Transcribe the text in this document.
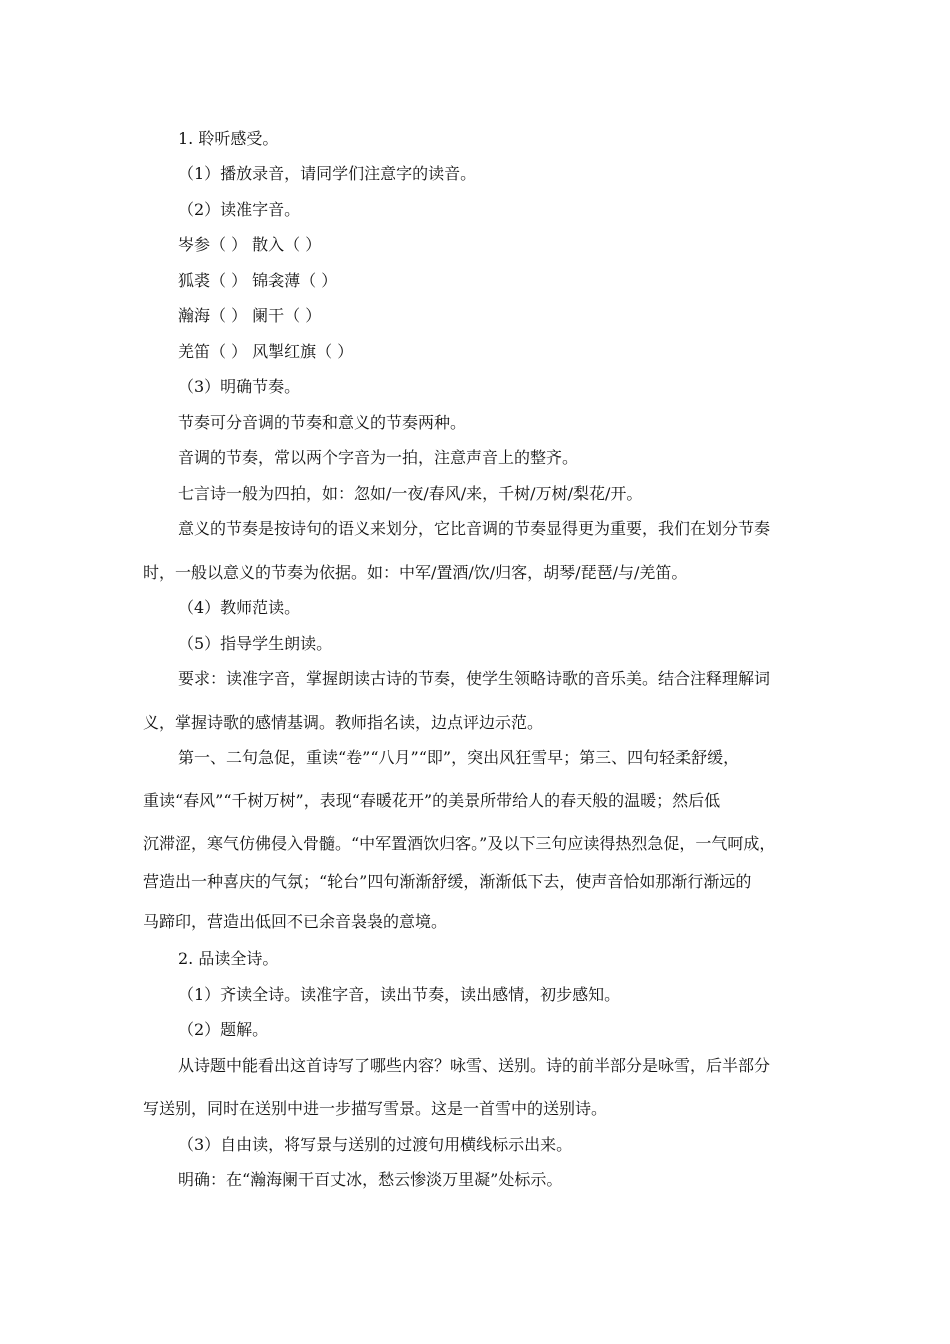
1. 聆听感受。
（1）播放录音，请同学们注意字的读音。
（2）读准字音。
岑参（ ） 散入（ ）
狐裘（ ） 锦衾薄（ ）
瀚海（ ） 阑干（ ）
羌笛（ ） 风掣红旗（ ）
（3）明确节奏。
节奏可分音调的节奏和意义的节奏两种。
音调的节奏，常以两个字音为一拍，注意声音上的整齐。
七言诗一般为四拍，如：忽如/一夜/春风/来，千树/万树/梨花/开。
意义的节奏是按诗句的语义来划分，它比音调的节奏显得更为重要，我们在划分节奏
时，一般以意义的节奏为依据。如：中军/置酒/饮/归客，胡琴/琵琶/与/羌笛。
（4）教师范读。
（5）指导学生朗读。
要求：读准字音，掌握朗读古诗的节奏，使学生领略诗歌的音乐美。结合注释理解词
义，掌握诗歌的感情基调。教师指名读，边点评边示范。
第一、二句急促，重读“卷”“八月”“即”，突出风狂雪早；第三、四句轻柔舒缓，
重读“春风”“千树万树”，表现“春暖花开”的美景所带给人的春天般的温暖；然后低
沉滞涩，寒气仿佛侵入骨髓。“中军置酒饮归客。”及以下三句应读得热烈急促，一气呵成，
营造出一种喜庆的气氛；“轮台”四句渐渐舒缓，渐渐低下去，使声音恰如那渐行渐远的
马蹄印，营造出低回不已余音袅袅的意境。
2. 品读全诗。
（1）齐读全诗。读准字音，读出节奏，读出感情，初步感知。
（2）题解。
从诗题中能看出这首诗写了哪些内容？咏雪、送别。诗的前半部分是咏雪，后半部分
写送别，同时在送别中进一步描写雪景。这是一首雪中的送别诗。
（3）自由读，将写景与送别的过渡句用横线标示出来。
明确：在“瀚海阑干百丈冰，愁云惨淡万里凝”处标示。
